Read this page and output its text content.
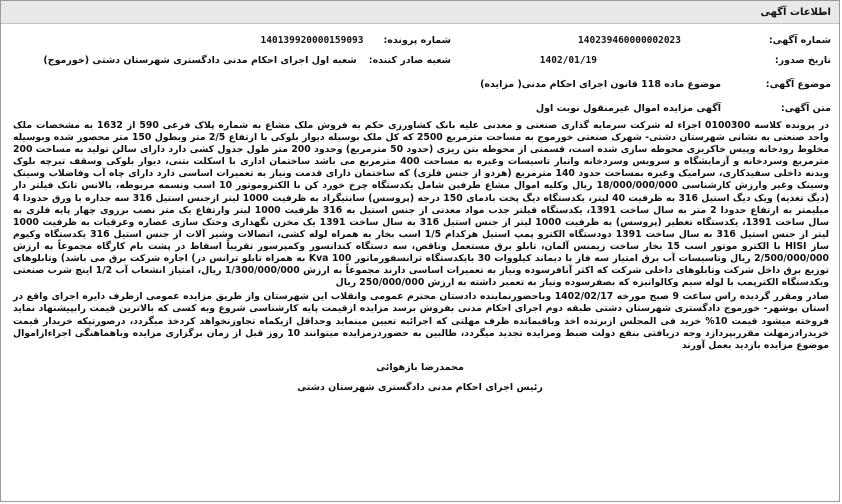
اطلاعات آگهی
شماره آگهی:
140239460000002023
شماره پرونده:
140139920000159093
تاریخ صدور:
1402/01/19
شعبه صادر کننده:
شعبه اول اجرای احکام مدنی دادگستری شهرستان دشتی (خورموج)
موضوع آگهی:
موضوع ماده 118 قانون اجرای احکام مدنی( مزایده)
متن آگهی:
آگهی مزایده اموال غیرمنقول نوبت اول
در پرونده کلاسه 0100300 اجراء له شرکت سرمایه گذاری صنعتی و معدنی علیه بانک کشاورزی حکم به فروش ملک مشاع به شماره پلاک فرعی 590 از 1632 به مشخصات ملک واحد صنعتی به نشانی شهرستان دشتی- شهرک صنعتی خورموج به مساحت مترمربع 2500 که کل ملک بوسیله دیوار بلوکی با ارتفاع 2/5 متر وبطول 150 متر محصور شده وبوسیله مخلوط رودخانه وپیس خاکریزی محوطه سازی شده است، قسمتی از محوطه بتن ریزی (حدود 50 مترمربع) وحدود 200 متر طول جدول کشی دارد دارای سالن تولید به مساحت 200 مترمربع وسردخانه و آزمایشگاه و سرویس وسردخانه وانبار تاسیسات وغیره به مساحت 400 مترمربع می باشد ساختمان اداری با اسکلت بتنی، دیوار بلوکی وسقف تیرچه بلوک وبدنه داخلی سفیدکاری، سرامیک وغیره بمساحت حدود 140 مترمربع (هردو از جنس فلزی) که ساختمان دارای قدمت ونیاز به تعمیرات اساسی دارد دارای چاه آب وفاضلاب وسینک وسینک وغیر وارزش کارشناسی 18/000/000/000 ریال وکلیه اموال مشاع طرفین شامل یکدستگاه چرخ خورد کن با الکتروموتور 10 اسب ونسمه مربوطه، بالانس تانک فیلتر دار (دیگ تغذیه) ویک دیگ استیل 316 به ظرفیت 40 لیتر، یکدستگاه دیگ پخت بادمای 150 درجه (پروسس) سانتیگراد به ظرفیت 1000 لیتر ازجنس استیل 316 سه جداره با ورق حدودا 4 میلیمتر به ارتفاع حدودا 2 متر به سال ساخت 1391، یکدستگاه فیلتر جذب مواد معدنی از جنس استیل به 316 ظرفیت 1000 لیتر وارتفاع یک متر نصب برروی چهار پایه فلزی به سال ساخت 1391، یکدستگاه تغطیر (پروسس) به ظرفیت 1000 لیتر از جنس استیل 316 به سال ساخت 1391 یک مخزن نگهداری وحتک سازی عصاره وعرقیات به ظرفیت 1000 لیتر از جنس استیل 316 به سال ساخت 1391 دودستگاه الکترو پمپ استیل هرکدام 1/5 اسب بخار به همراه لوله کشی، اتصالات وشیر آلات از جنس استیل 316 یکدستگاه وکیوم ساز HISI با الکترو موتور اسب 15 بخار ساخت زیمنس آلمان، تابلو برق مستعمل وناقص، سه دستگاه کندانسور وکمپرسور تقریباً اسقاط در پشت بام کارگاه مجموعاً به ارزش 2/500/000/000 ریال وتاسیسات آب برق امتیاز سه فاز با دیماند کیلووات 30 بایکدستگاه ترانسفورماتور Kva 100 به همراه تابلو ترانس در) اجاره شرکت برق می باشد) وتابلوهای توزیع برق داخل شرکت وتابلوهای داخلی شرکت که اکثر آنافرسوده ونیاز به تعمیرات اساسی دارند مجموعاً به ارزش 1/300/000/000 ریال، امتیاز انشعاب آب 1/2 اینچ شرب صنعتی ویکدستگاه الکترپمب با لوله سیم وکالوانیزه که بصفرسوده ونیاز به تعمیر داشته به ارزش 250/000/000 ریال
صادر ومقرر گردیده راس ساعت 9 صبح مورخه 1402/02/17 وباحضورنماینده دادستان محترم عمومی وانقلاب این شهرستان واز طریق مزایده عمومی ازطرف دایره اجرای واقع در استان بوشهر- خورموج دادگستری شهرستان دشتی طبقه دوم اجرای احکام مدنی بفروش برسد مزایده ازقیمت پایه کارشناسی شروع وبه کسی که بالاترین قیمت رابپیشنهاد نماید فروخته میشود قیمت 10% خرید فی المجلس ازبرنده اخذ وباقیمانده ظرف مهلتی که اجرائیه تعیین مینماید وحداقل ازیکماه تجاوزنخواهد کردخذ میگردد، درصورتیکه خریدار قیمت خریدرادرمهلت مقرربپردازد وجه دریافتی بنفع دولت ضبط ومزایده تجدید میگردد، طالبین به حضوردرمزایده میتوانند 10 روز قبل از زمان برگزاری مزایده وباهماهنگی اجراءازاموال موضوع مزایده بازدید بعمل آورند
محمدرضا بازهوائی
رئیس اجرای احکام مدنی دادگستری شهرستان دشتی
